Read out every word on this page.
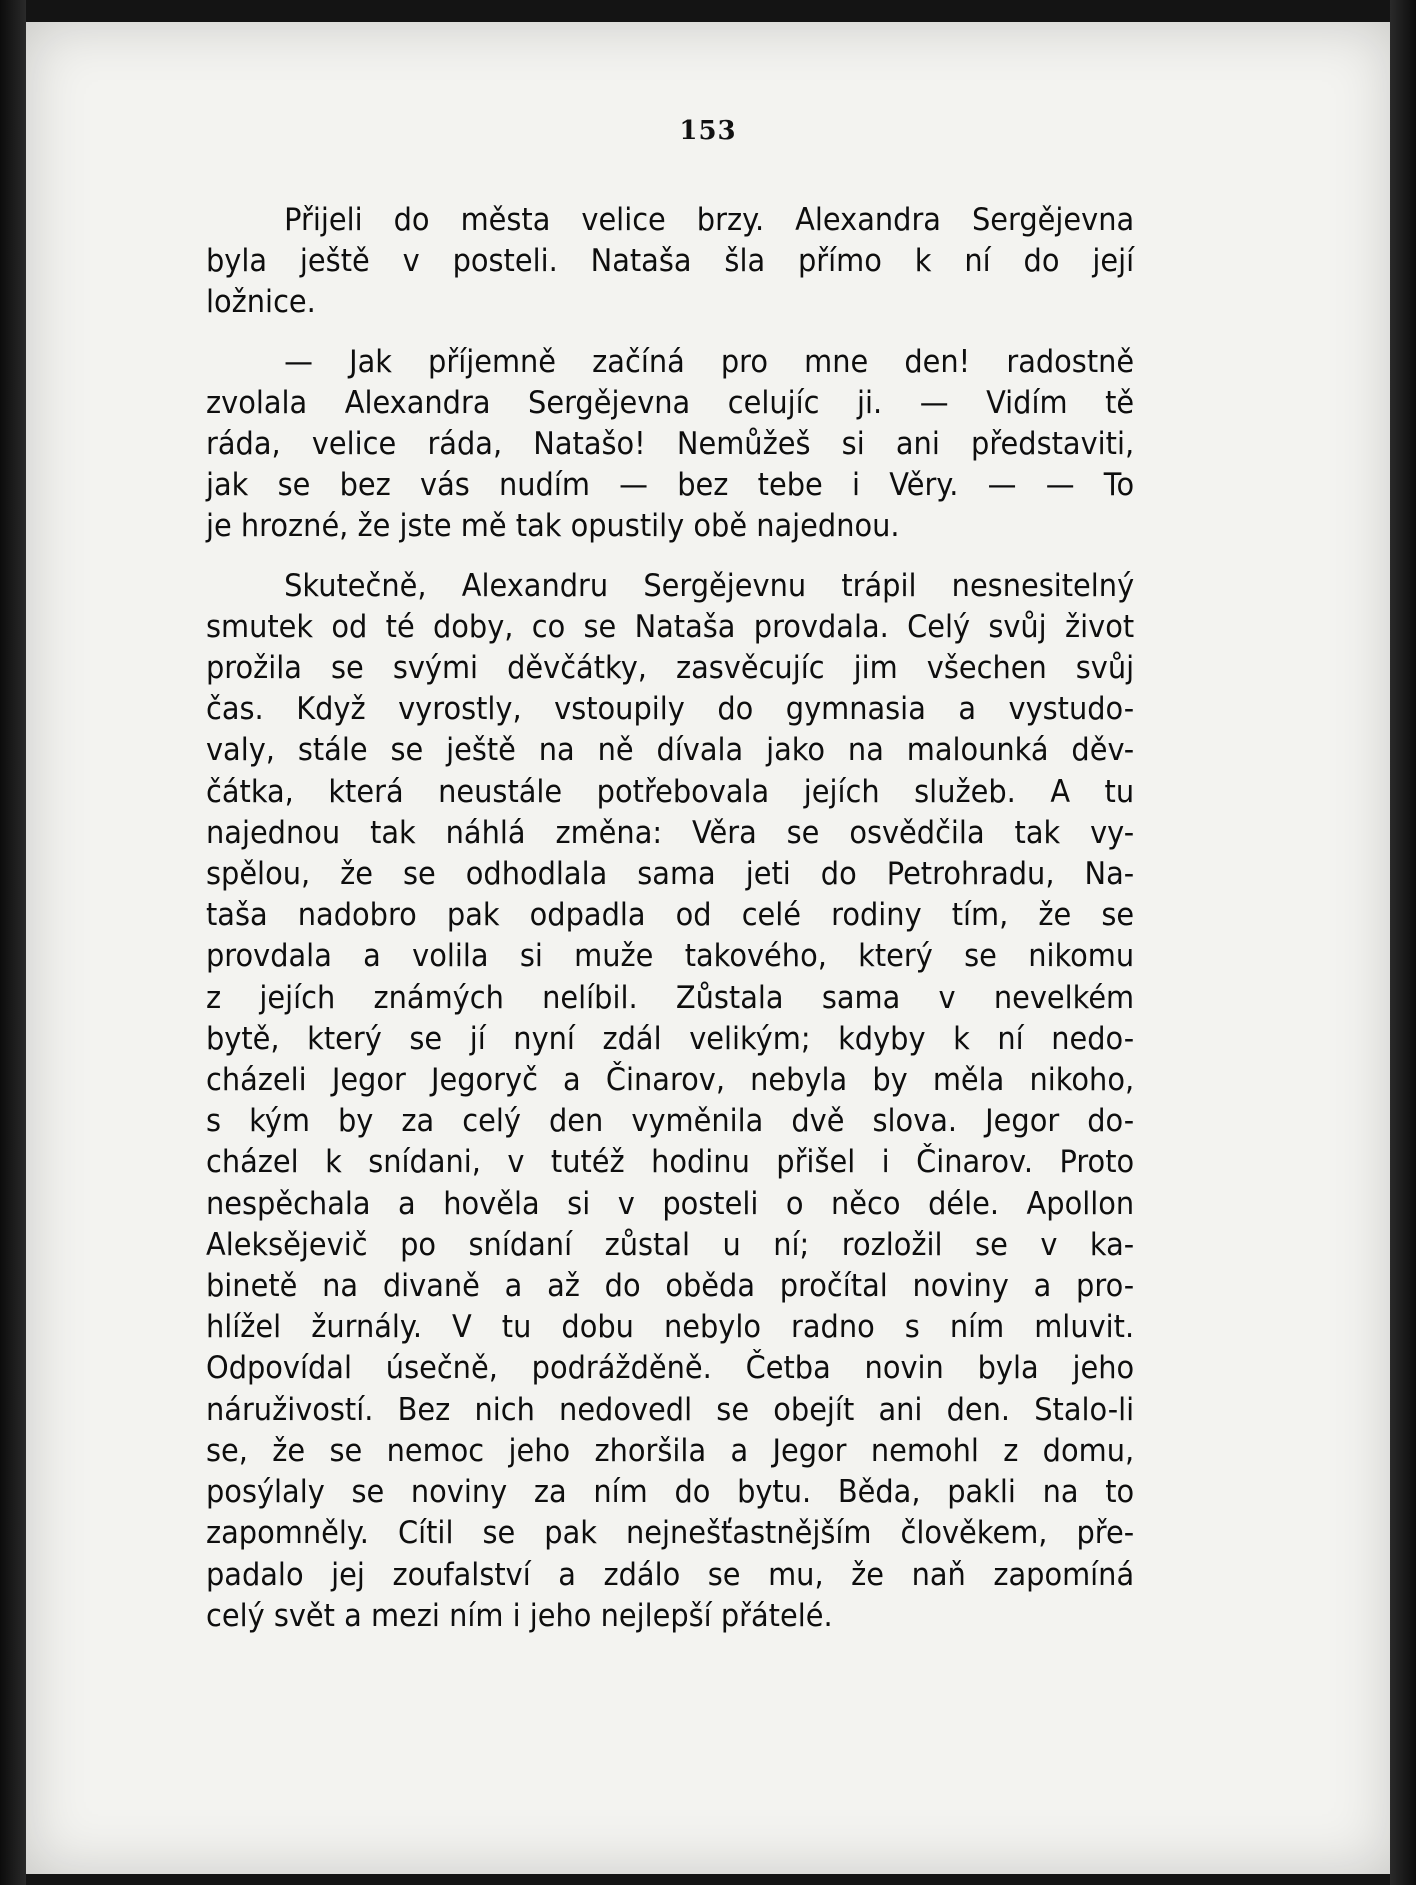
153
Přijeli do města velice brzy. Alexandra Sergějevna
byla ještě v posteli. Nataša šla přímo k ní do její
ložnice.
— Jak příjemně začíná pro mne den! radostně
zvolala Alexandra Sergějevna celujíc ji. — Vidím tě
ráda, velice ráda, Natašo! Nemůžeš si ani představiti,
jak se bez vás nudím — bez tebe i Věry. — — To
je hrozné, že jste mě tak opustily obě najednou.
Skutečně, Alexandru Sergějevnu trápil nesnesitelný
smutek od té doby, co se Nataša provdala. Celý svůj život
prožila se svými děvčátky, zasvěcujíc jim všechen svůj
čas. Když vyrostly, vstoupily do gymnasia a vystudo-
valy, stále se ještě na ně dívala jako na malounká děv-
čátka, která neustále potřebovala jejích služeb. A tu
najednou tak náhlá změna: Věra se osvědčila tak vy-
spělou, že se odhodlala sama jeti do Petrohradu, Na-
taša nadobro pak odpadla od celé rodiny tím, že se
provdala a volila si muže takového, který se nikomu
z jejích známých nelíbil. Zůstala sama v nevelkém
bytě, který se jí nyní zdál velikým; kdyby k ní nedo-
cházeli Jegor Jegoryč a Činarov, nebyla by měla nikoho,
s kým by za celý den vyměnila dvě slova. Jegor do-
cházel k snídani, v tutéž hodinu přišel i Činarov. Proto
nespěchala a hověla si v posteli o něco déle. Apollon
Aleksějevič po snídaní zůstal u ní; rozložil se v ka-
binetě na divaně a až do oběda pročítal noviny a pro-
hlížel žurnály. V tu dobu nebylo radno s ním mluvit.
Odpovídal úsečně, podrážděně. Četba novin byla jeho
náruživostí. Bez nich nedovedl se obejít ani den. Stalo-li
se, že se nemoc jeho zhoršila a Jegor nemohl z domu,
posýlaly se noviny za ním do bytu. Běda, pakli na to
zapomněly. Cítil se pak nejnešťastnějším člověkem, pře-
padalo jej zoufalství a zdálo se mu, že naň zapomíná
celý svět a mezi ním i jeho nejlepší přátelé.
